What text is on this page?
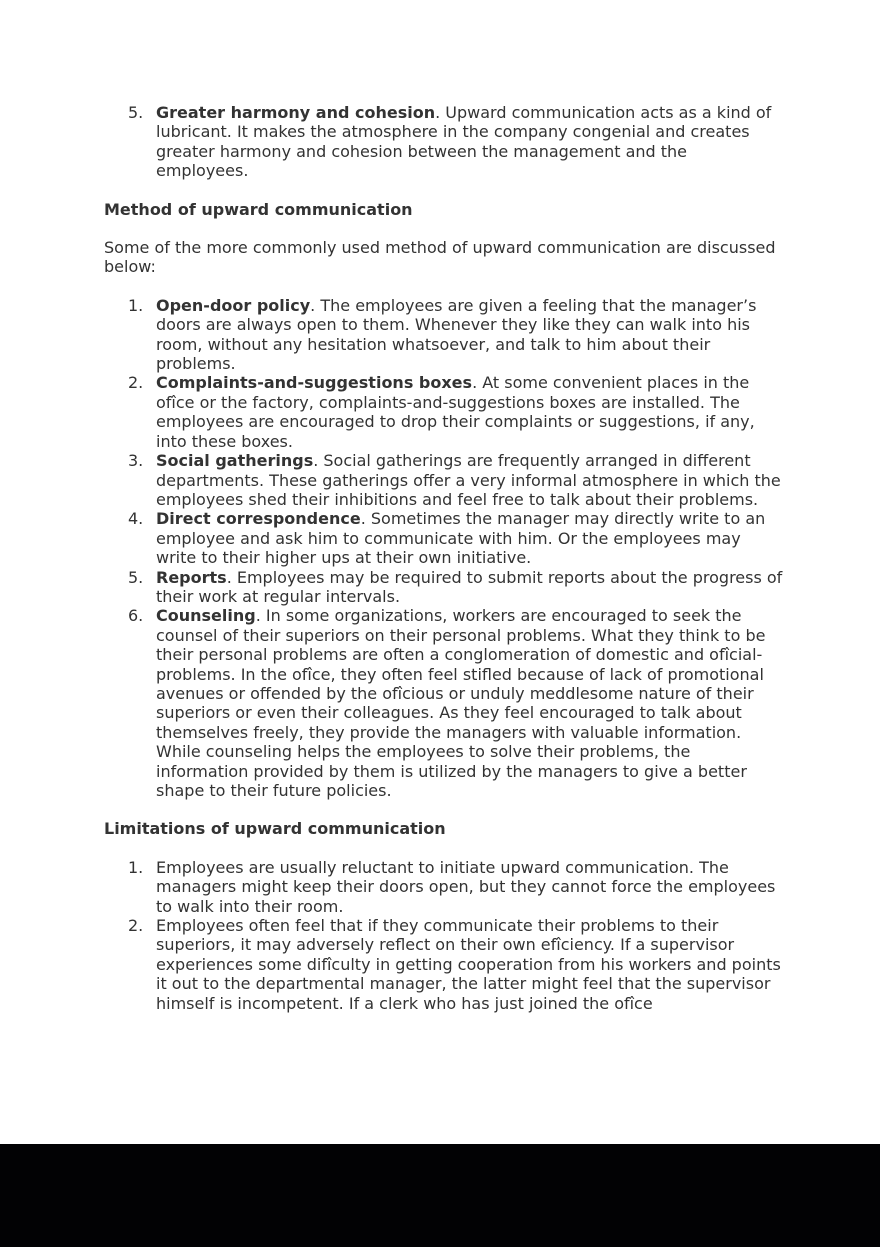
5. Greater harmony and cohesion. Upward communication acts as a kind of lubricant. It makes the atmosphere in the company congenial and creates greater harmony and cohesion between the management and the employees.

Method of upward communication

Some of the more commonly used method of upward communication are discussed below:

1. Open-door policy. The employees are given a feeling that the manager’s doors are always open to them. Whenever they like they can walk into his room, without any hesitation whatsoever, and talk to him about their problems.
2. Complaints-and-suggestions boxes. At some convenient places in the ofı̂ce or the factory, complaints-and-suggestions boxes are installed. The employees are encouraged to drop their complaints or suggestions, if any, into these boxes.
3. Social gatherings. Social gatherings are frequently arranged in different departments. These gatherings offer a very informal atmosphere in which the employees shed their inhibitions and feel free to talk about their problems.
4. Direct correspondence. Sometimes the manager may directly write to an employee and ask him to communicate with him. Or the employees may write to their higher ups at their own initiative.
5. Reports. Employees may be required to submit reports about the progress of their work at regular intervals.
6. Counseling. In some organizations, workers are encouraged to seek the counsel of their superiors on their personal problems. What they think to be their personal problems are often a conglomeration of domestic and ofı̂cial-problems. In the ofı̂ce, they often feel stifled because of lack of promotional avenues or offended by the ofı̂cious or unduly meddlesome nature of their superiors or even their colleagues. As they feel encouraged to talk about themselves freely, they provide the managers with valuable information. While counseling helps the employees to solve their problems, the information provided by them is utilized by the managers to give a better shape to their future policies.

Limitations of upward communication

1. Employees are usually reluctant to initiate upward communication. The managers might keep their doors open, but they cannot force the employees to walk into their room.
2. Employees often feel that if they communicate their problems to their superiors, it may adversely reflect on their own efı̂ciency. If a supervisor experiences some difı̂culty in getting cooperation from his workers and points it out to the departmental manager, the latter might feel that the supervisor himself is incompetent. If a clerk who has just joined the ofı̂ce
